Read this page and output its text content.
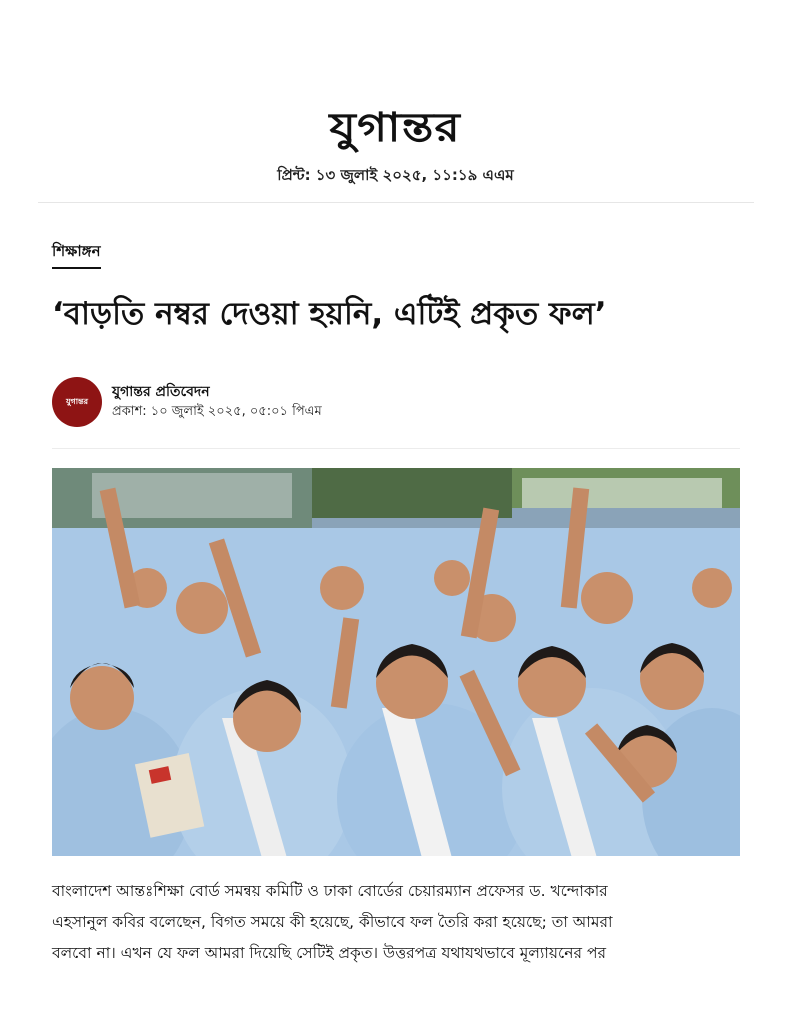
যুগান্তর
প্রিন্ট: ১৩ জুলাই ২০২৫, ১১:১৯ এএম
শিক্ষাঙ্গন
‘বাড়তি নম্বর দেওয়া হয়নি, এটিই প্রকৃত ফল’
যুগান্তর
যুগান্তর প্রতিবেদন
প্রকাশ: ১০ জুলাই ২০২৫, ০৫:০১ পিএম

বাংলাদেশ আন্তঃশিক্ষা বোর্ড সমন্বয় কমিটি ও ঢাকা বোর্ডের চেয়ারম্যান প্রফেসর ড. খন্দোকার

এহসানুল কবির বলেছেন, বিগত সময়ে কী হয়েছে, কীভাবে ফল তৈরি করা হয়েছে; তা আমরা

বলবো না। এখন যে ফল আমরা দিয়েছি সেটিই প্রকৃত। উত্তরপত্র যথাযথভাবে মূল্যায়নের পর
